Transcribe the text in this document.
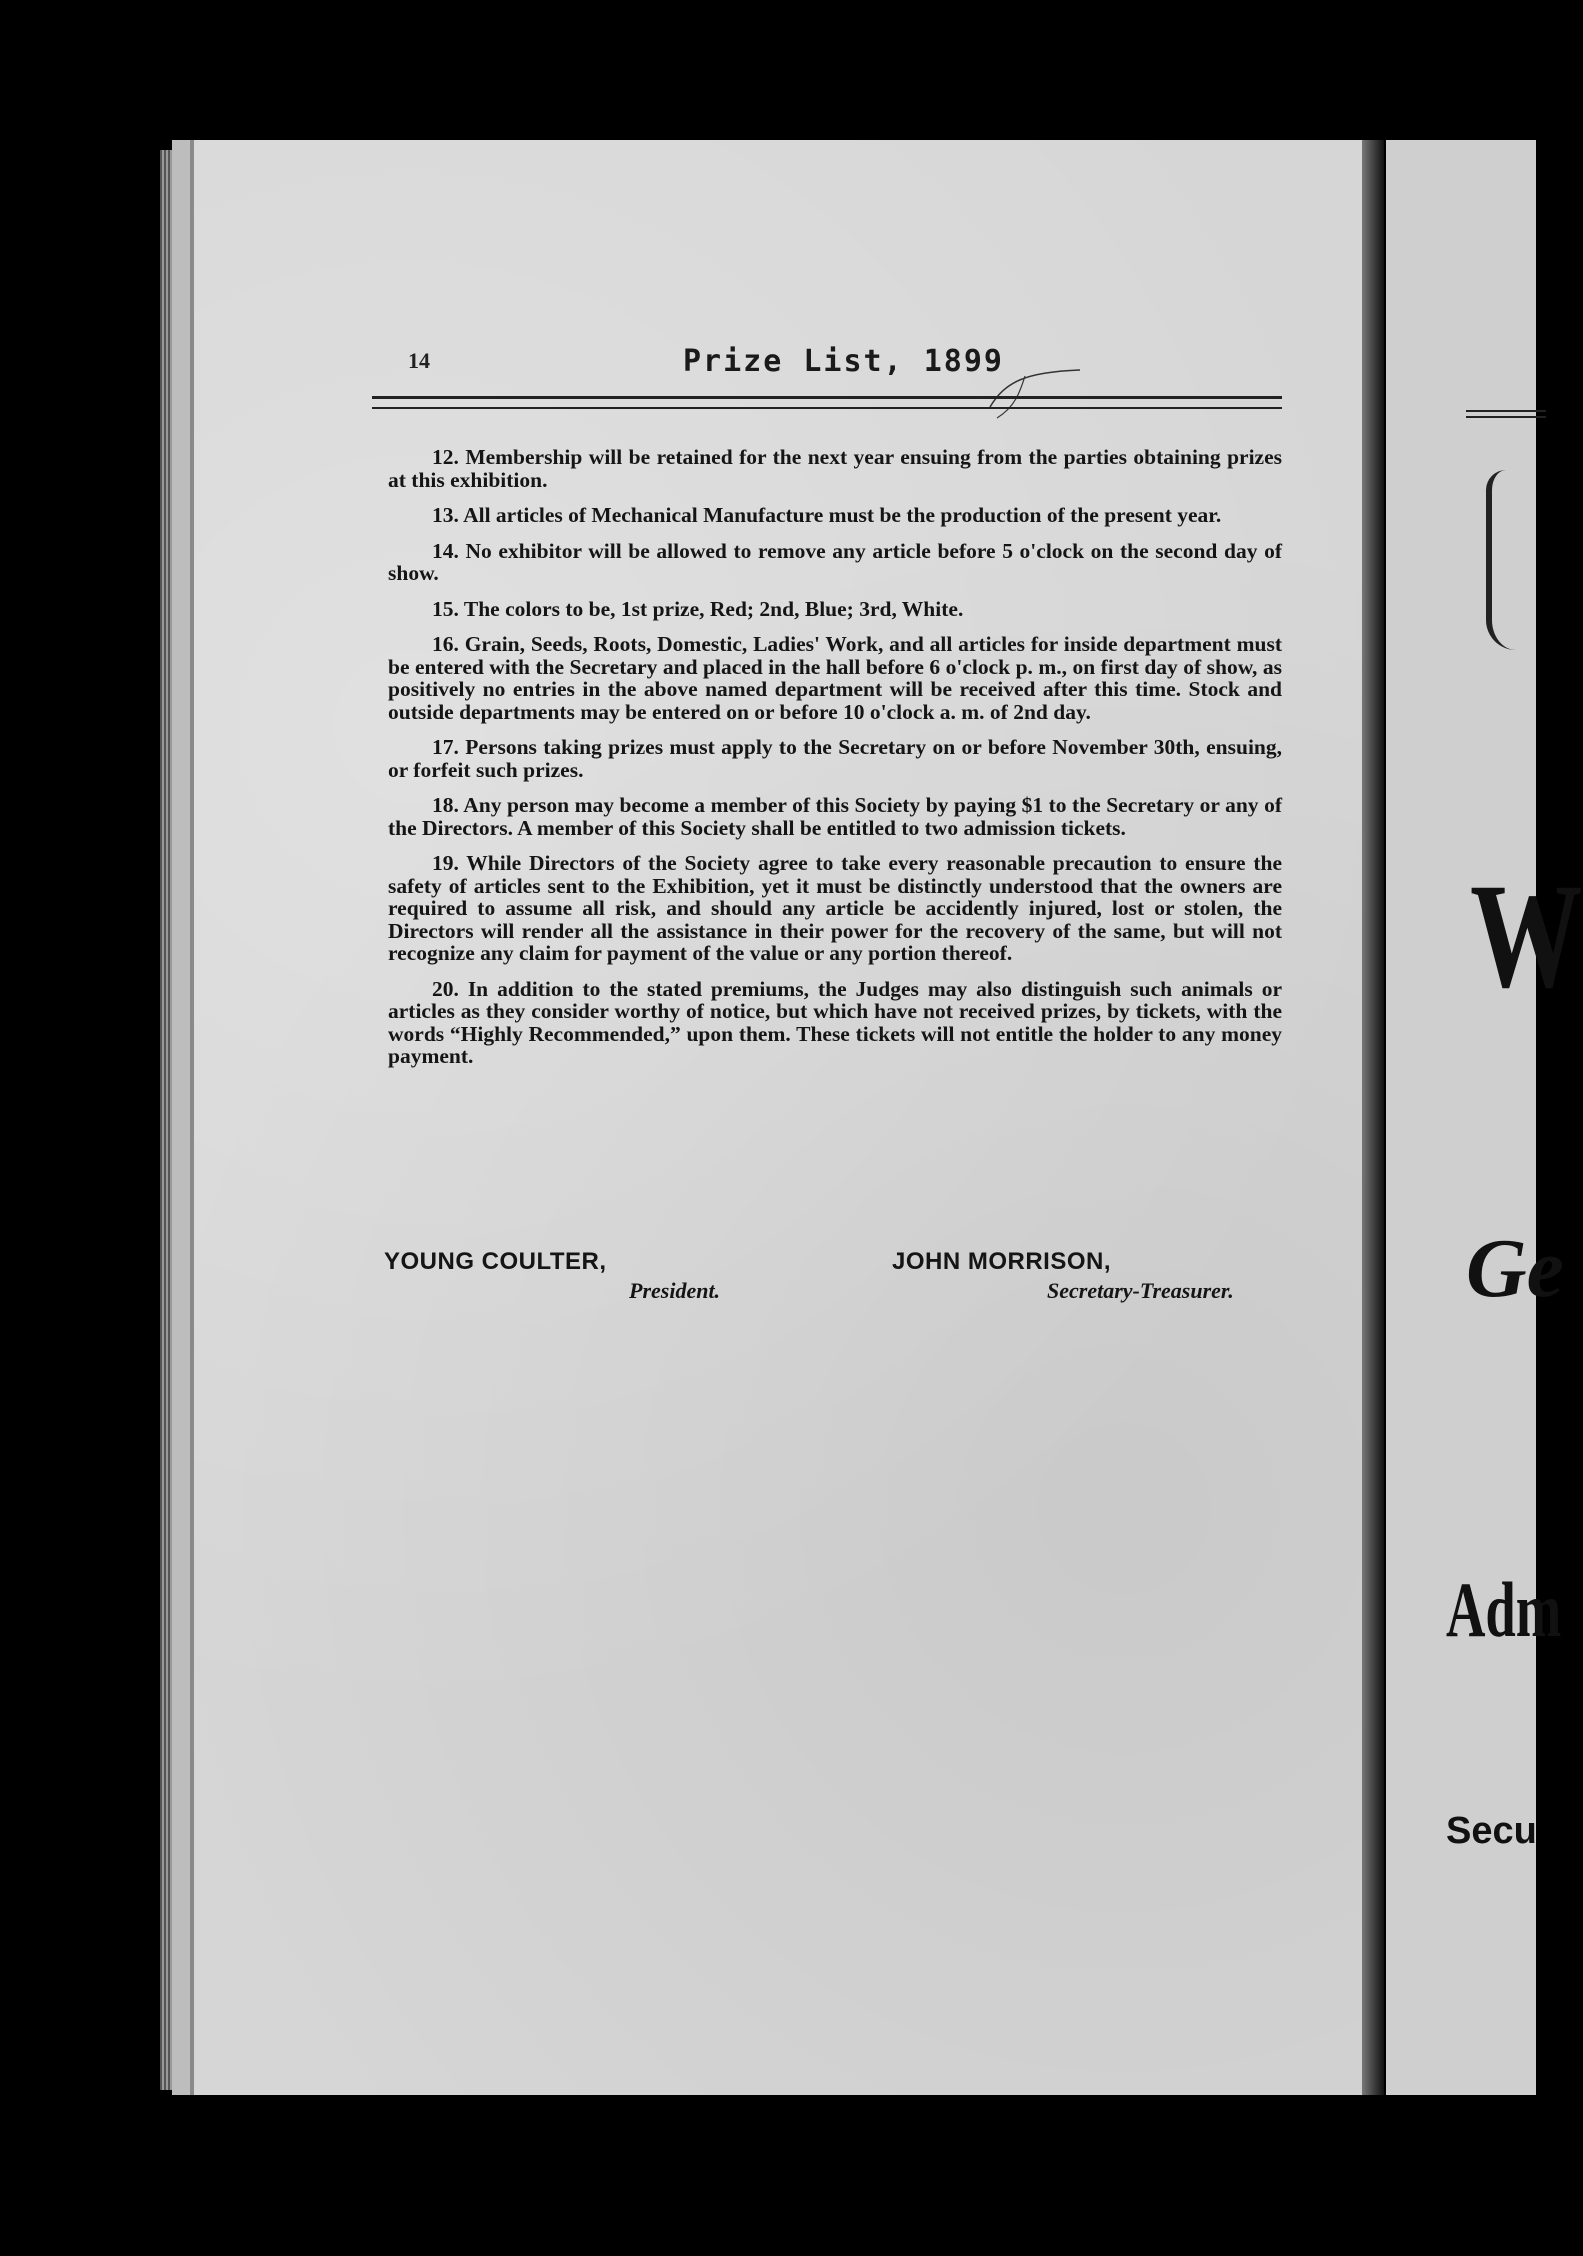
W
Ge
Adm
Secu
14	Prize List, 1899

12. Membership will be retained for the next year ensuing from the parties obtaining prizes at this exhibition.

13. All articles of Mechanical Manufacture must be the production of the present year.

14. No exhibitor will be allowed to remove any article before 5 o'clock on the second day of show.

15. The colors to be, 1st prize, Red; 2nd, Blue; 3rd, White.

16. Grain, Seeds, Roots, Domestic, Ladies' Work, and all articles for inside department must be entered with the Secretary and placed in the hall before 6 o'clock p. m., on first day of show, as positively no entries in the above named department will be received after this time. Stock and outside departments may be entered on or before 10 o'clock a. m. of 2nd day.

17. Persons taking prizes must apply to the Secretary on or before November 30th, ensuing, or forfeit such prizes.

18. Any person may become a member of this Society by paying $1 to the Secretary or any of the Directors. A member of this Society shall be entitled to two admission tickets.

19. While Directors of the Society agree to take every reasonable precaution to ensure the safety of articles sent to the Exhibition, yet it must be distinctly understood that the owners are required to assume all risk, and should any article be accidently injured, lost or stolen, the Directors will render all the assistance in their power for the recovery of the same, but will not recognize any claim for payment of the value or any portion thereof.

20. In addition to the stated premiums, the Judges may also distinguish such animals or articles as they consider worthy of notice, but which have not received prizes, by tickets, with the words “Highly Recommended,” upon them. These tickets will not entitle the holder to any money payment.

YOUNG COULTER,
President.
JOHN MORRISON,
Secretary-Treasurer.
